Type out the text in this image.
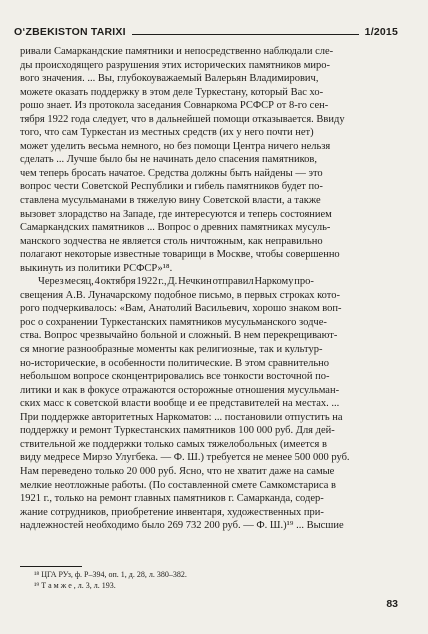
O‘ZBEKISTON TARIXI	1/2015
ривали Самаркандские памятники и непосредственно наблюдали сле-
ды происходящего разрушения этих исторических памятников миро-
вого значения. ... Вы, глубокоуважаемый Валерьян Владимирович,
можете оказать поддержку в этом деле Туркестану, который Вас хо-
рошо знает. Из протокола заседания Совнаркома РСФСР от 8-го сен-
тября 1922 года следует, что в дальнейшей помощи отказывается. Ввиду
того, что сам Туркестан из местных средств (их у него почти нет)
может уделить весьма немного, но без помощи Центра ничего нельзя
сделать ... Лучше было бы не начинать дело спасения памятников,
чем теперь бросать начатое. Средства должны быть найдены — это
вопрос чести Советской Республики и гибель памятников будет по-
ставлена мусульманами в тяжелую вину Советской власти, а также
вызовет злорадство на Западе, где интересуются и теперь состоянием
Самаркандских памятников ... Вопрос о древних памятниках мусуль-
манского зодчества не является столь ничтожным, как неправильно
полагают некоторые известные товарищи в Москве, чтобы совершенно
выкинуть из политики РСФСР»¹⁸.
Через месяц, 4 октября 1922 г., Д. Нечкин отправил Наркому про-
свещения А.В. Луначарскому подобное письмо, в первых строках кото-
рого подчеркивалось: «Вам, Анатолий Васильевич, хорошо знаком воп-
рос о сохранении Туркестанских памятников мусульманского зодче-
ства. Вопрос чрезвычайно больной и сложный. В нем перекрещивают-
ся многие разнообразные моменты как религиозные, так и культур-
но-исторические, в особенности политические. В этом сравнительно
небольшом вопросе сконцентрировались все тонкости восточной по-
литики и как в фокусе отражаются осторожные отношения мусульман-
ских масс к советской власти вообще и ее представителей на местах. ...
При поддержке авторитетных Наркоматов: ... постановили отпустить на
поддержку и ремонт Туркестанских памятников 100 000 руб. Для дей-
ствительной же поддержки только самых тяжелобольных (имеется в
виду медресе Мирзо Улугбека. — Ф. Ш.) требуется не менее 500 000 руб.
Нам переведено только 20 000 руб. Ясно, что не хватит даже на самые
мелкие неотложные работы. (По составленной смете Самкомстариса в
1921 г., только на ремонт главных памятников г. Самарканда, содер-
жание сотрудников, приобретение инвентаря, художественных при-
надлежностей необходимо было 269 732 200 руб. — Ф. Ш.)¹⁹ ... Высшие
¹⁸ ЦГА РУз, ф. Р–394, оп. 1, д. 28, л. 380–382.
¹⁹ Т а м ж е , л. 3, л. 193.
83
